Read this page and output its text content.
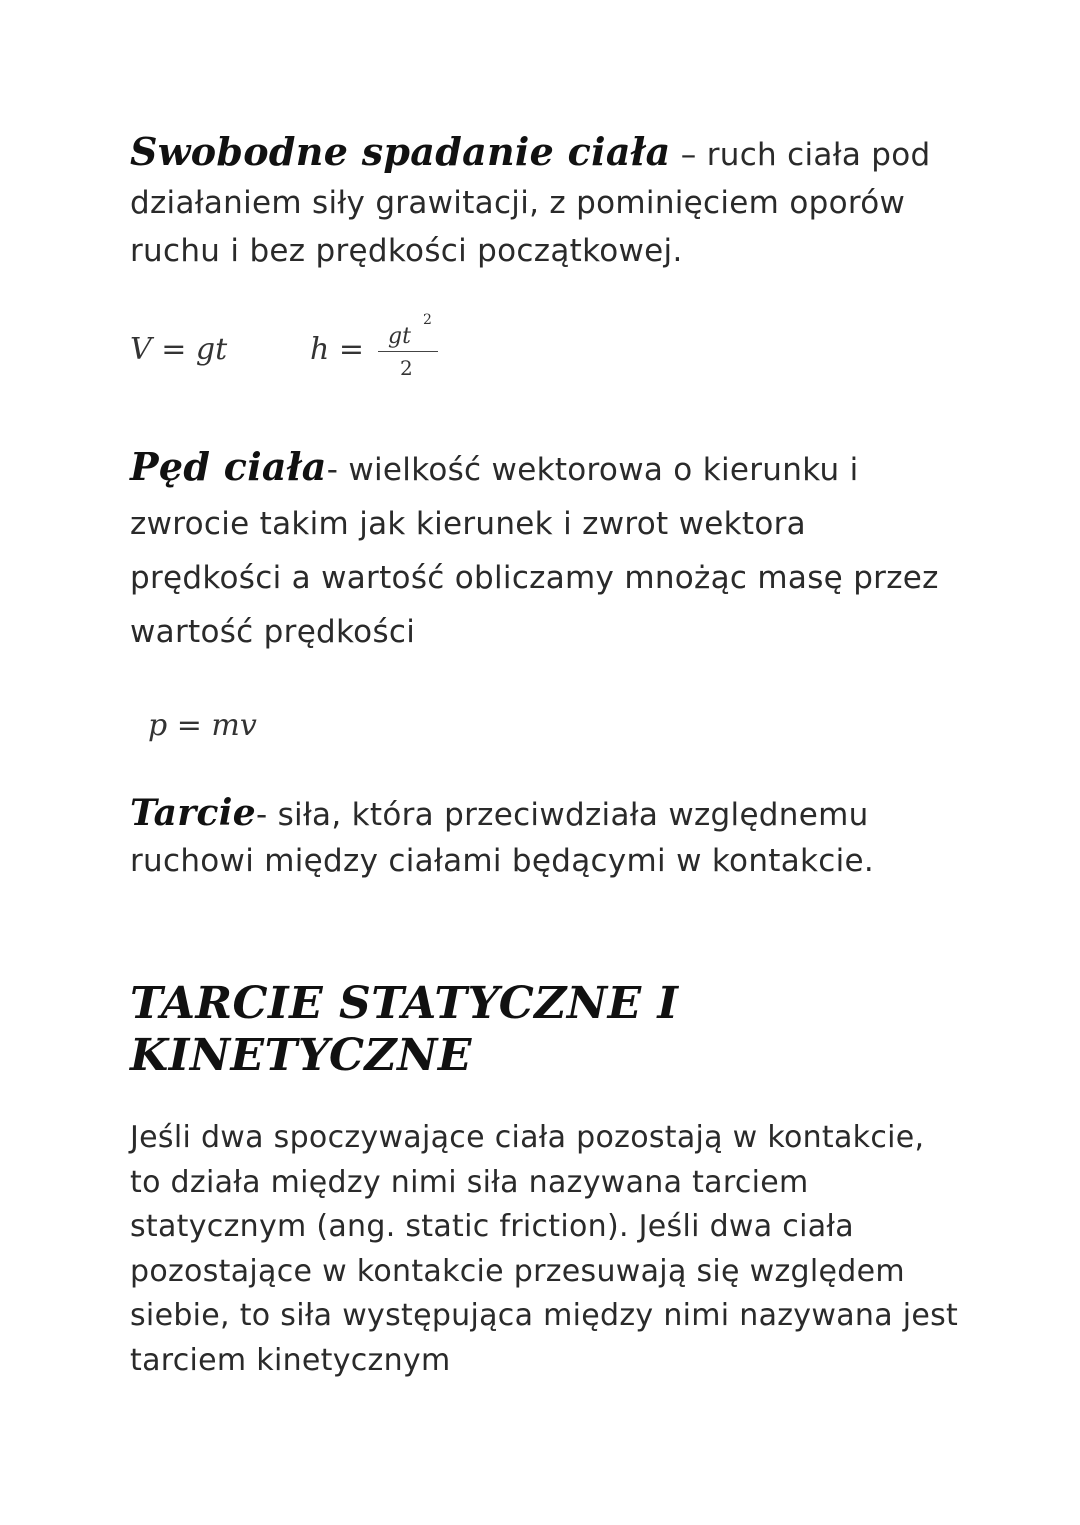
Swobodne spadanie ciała – ruch ciała pod działaniem siły grawitacji, z pominięciem oporów ruchu i bez prędkości początkowej.
V = gt	h = gt
2
2
Pęd ciała- wielkość wektorowa o kierunku i zwrocie takim jak kierunek i zwrot wektora prędkości a wartość obliczamy mnożąc masę przez wartość prędkości
p = mv
Tarcie- siła, która przeciwdziała względnemu ruchowi między ciałami będącymi w kontakcie.
TARCIE STATYCZNE I KINETYCZNE
Jeśli dwa spoczywające ciała pozostają w kontakcie, to działa między nimi siła nazywana tarciem statycznym (ang. static friction). Jeśli dwa ciała pozostające w kontakcie przesuwają się względem siebie, to siła występująca między nimi nazywana jest tarciem kinetycznym
